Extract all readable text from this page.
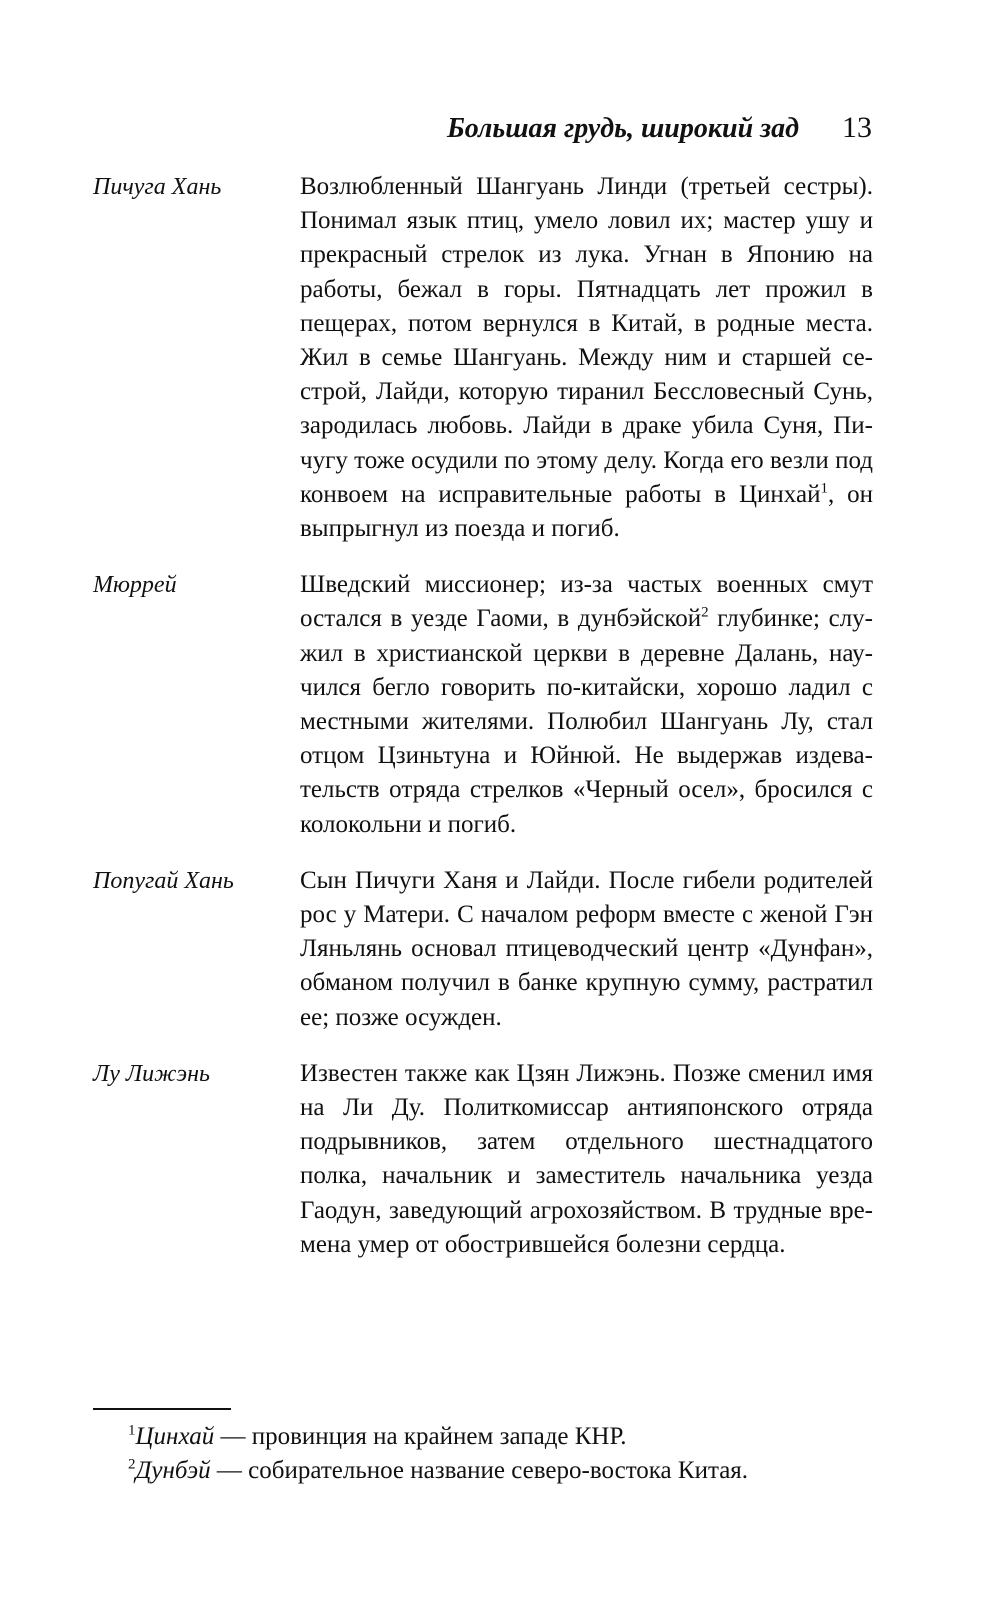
Большая грудь, широкий зад 13
Пичуга Хань	Возлюбленный Шангуань Линди (третьей сестры). Понимал язык птиц, умело ловил их; мастер ушу и прекрасный стрелок из лука. Угнан в Японию на работы, бежал в горы. Пятнадцать лет прожил в пещерах, потом вернулся в Китай, в родные места. Жил в семье Шангуань. Между ним и старшей сестрой, Лайди, которую тиранил Бессловесный Сунь, зародилась любовь. Лайди в драке убила Суня, Пичугу тоже осудили по этому делу. Когда его везли под конвоем на исправительные работы в Цинхай$^1$, он выпрыгнул из поезда и погиб.
Мюррей	Шведский миссионер; из-за частых военных смут остался в уезде Гаоми, в дунбэйской$^2$ глубинке; служил в христианской церкви в деревне Далань, научился бегло говорить по-китайски, хорошо ладил с местными жителями. Полюбил Шангуань Лу, стал отцом Цзиньтуна и Юйнюй. Не выдержав издевательств отряда стрелков «Черный осел», бросился с колокольни и погиб.
Попугай Хань	Сын Пичуги Ханя и Лайди. После гибели родителей рос у Матери. С началом реформ вместе с женой Гэн Ляньлянь основал птицеводческий центр «Дунфан», обманом получил в банке крупную сумму, растратил ее; позже осужден.
Лу Лижэнь	Известен также как Цзян Лижэнь. Позже сменил имя на Ли Ду. Политкомиссар антияпонского отряда подрывников, затем отдельного шестнадцатого полка, начальник и заместитель начальника уезда Гаодун, заведующий агрохозяйством. В трудные времена умер от обострившейся болезни сердца.
$^1$Цинхай — провинция на крайнем западе КНР.
$^2$Дунбэй — собирательное название северо-востока Китая.
